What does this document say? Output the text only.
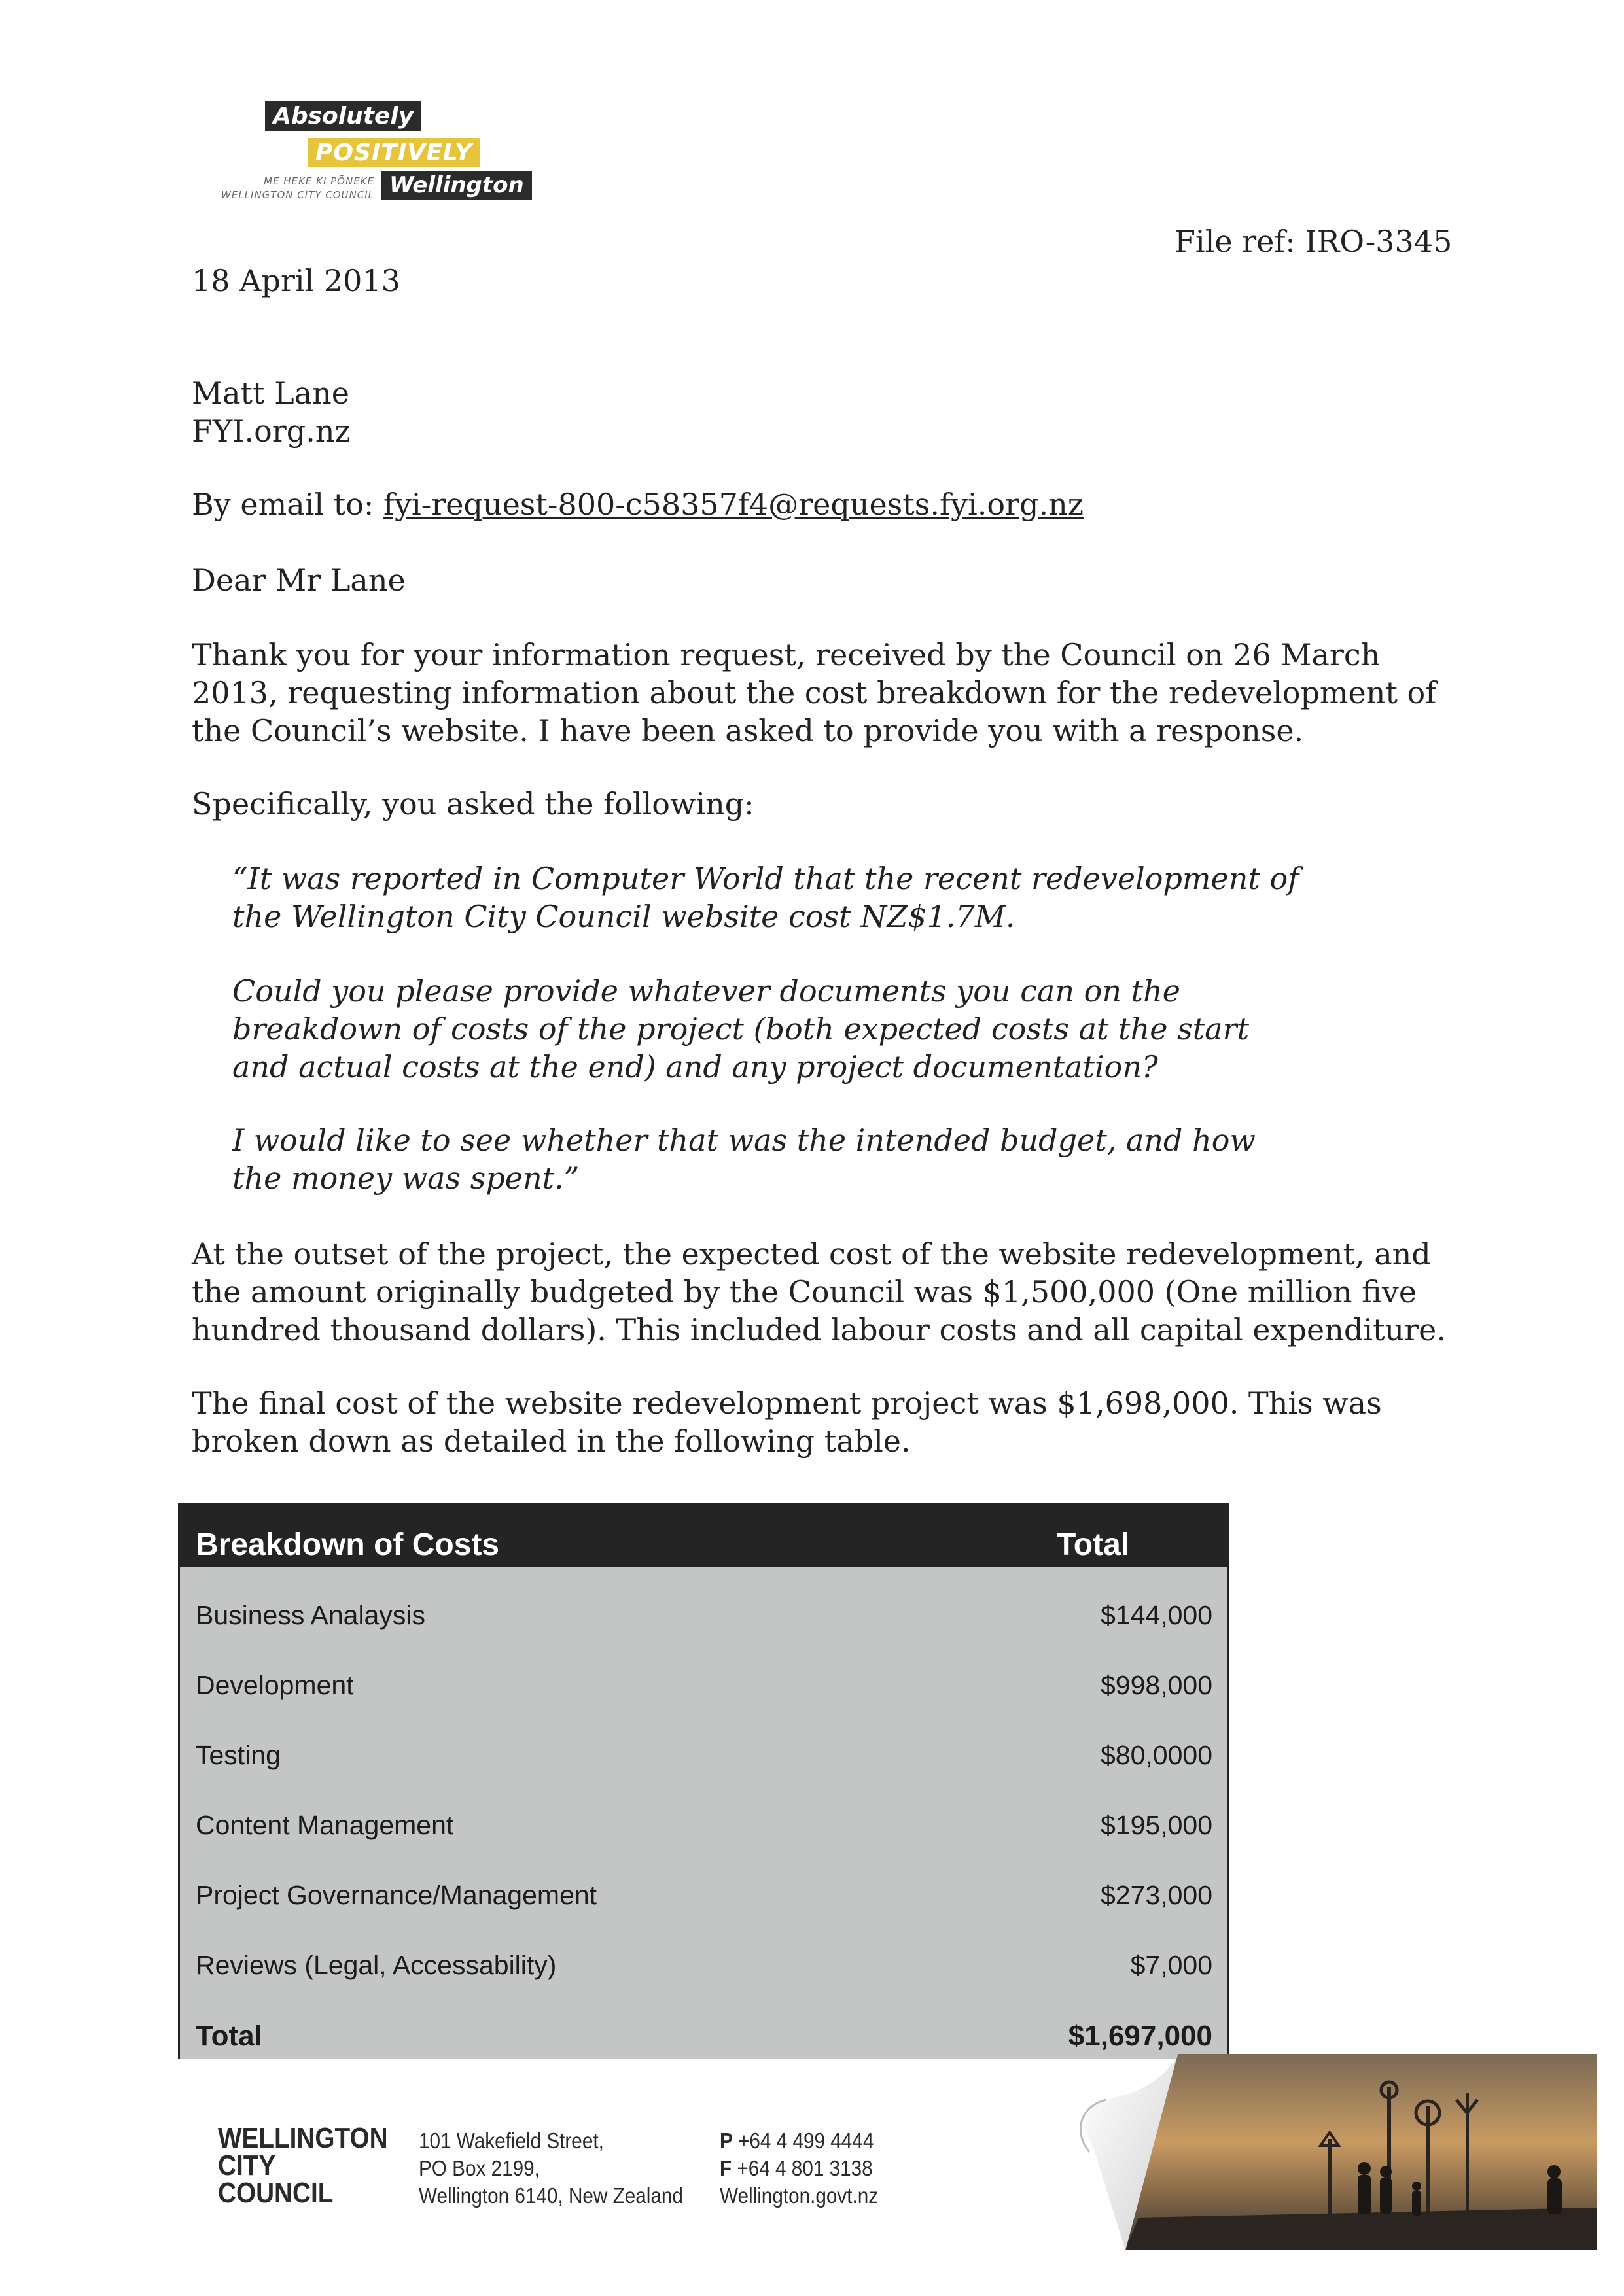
Absolutely
POSITIVELY
ME HEKE KI PŌNEKE
WELLINGTON CITY COUNCIL Wellington
File ref: IRO-3345
18 April 2013
Matt Lane
FYI.org.nz
By email to: fyi-request-800-c58357f4@requests.fyi.org.nz
Dear Mr Lane
Thank you for your information request, received by the Council on 26 March 2013, requesting information about the cost breakdown for the redevelopment of the Council’s website. I have been asked to provide you with a response.
Specifically, you asked the following:
“It was reported in Computer World that the recent redevelopment of the Wellington City Council website cost NZ$1.7M.
Could you please provide whatever documents you can on the breakdown of costs of the project (both expected costs at the start and actual costs at the end) and any project documentation?
I would like to see whether that was the intended budget, and how the money was spent.”
At the outset of the project, the expected cost of the website redevelopment, and the amount originally budgeted by the Council was $1,500,000 (One million five hundred thousand dollars). This included labour costs and all capital expenditure.
The final cost of the website redevelopment project was $1,698,000. This was broken down as detailed in the following table.
Breakdown of Costs	Total
Business Analaysis	$144,000
Development	$998,000
Testing	$80,0000
Content Management	$195,000
Project Governance/Management	$273,000
Reviews (Legal, Accessability)	$7,000
Total	$1,697,000
WELLINGTON
CITY
COUNCIL
101 Wakefield Street,
PO Box 2199,
Wellington 6140, New Zealand
P +64 4 499 4444
F +64 4 801 3138
Wellington.govt.nz
